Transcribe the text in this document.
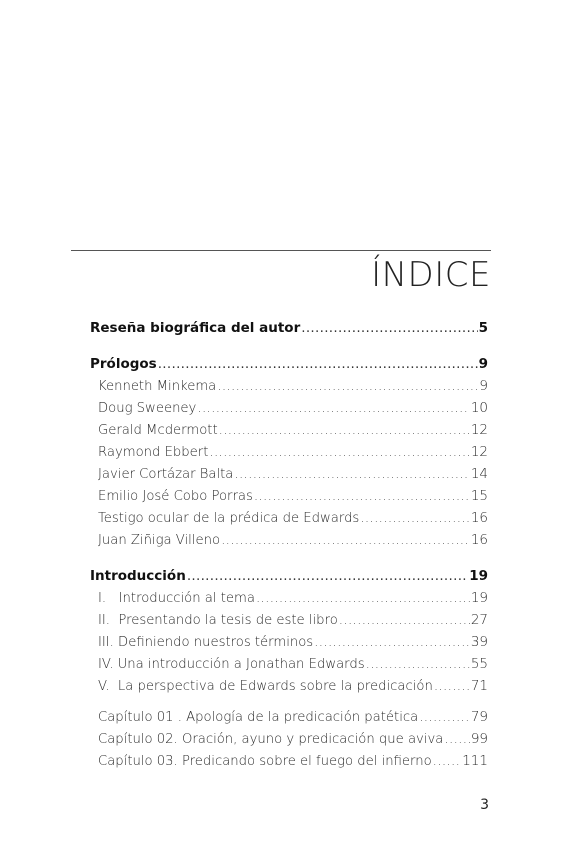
ÍNDICE
Reseña biográfica del autor .....	5
Prólogos .....	9
Kenneth Minkema .....	9
Doug Sweeney .....	10
Gerald Mcdermott .....	12
Raymond Ebbert .....	12
Javier Cortázar Balta .....	14
Emilio José Cobo Porras .....	15
Testigo ocular de la prédica de Edwards .....	16
Juan Ziñiga Villeno .....	16
Introducción .....	19
I.   Introducción al tema .....	19
II.  Presentando la tesis de este libro .....	27
III. Definiendo nuestros términos .....	39
IV. Una introducción a Jonathan Edwards .....	55
V.  La perspectiva de Edwards sobre la predicación .....	71
Capítulo 01 . Apología de la predicación patética .....	79
Capítulo 02. Oración, ayuno y predicación que aviva ..... 99
Capítulo 03. Predicando sobre el fuego del infierno ..... 111
3
